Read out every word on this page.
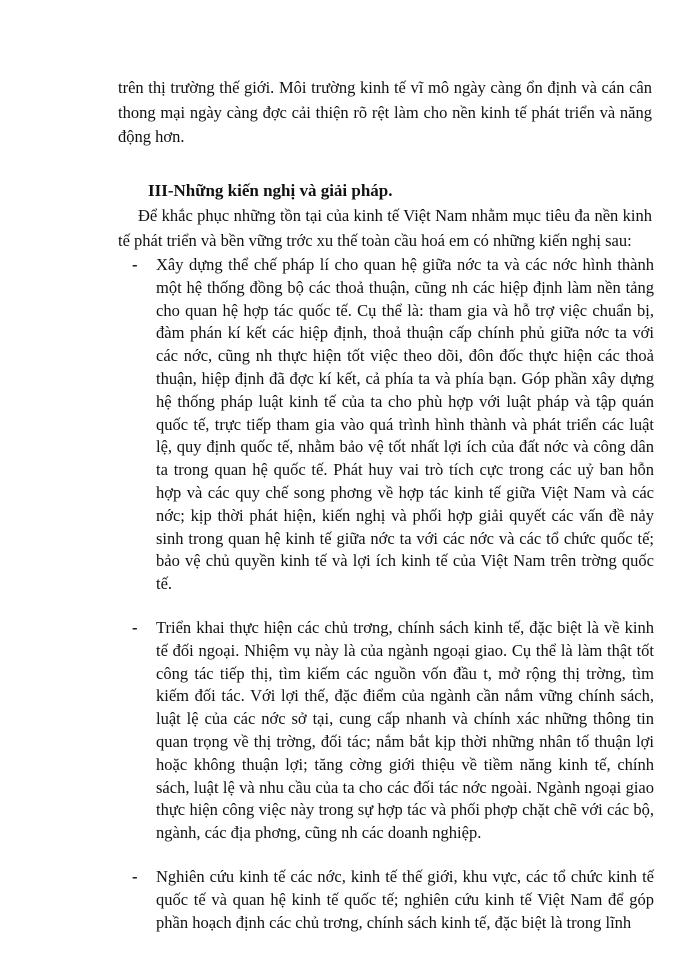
trên thị trường thế giới. Môi trường kinh tế vĩ mô ngày càng ổn định và cán cân thong mại ngày càng đợc cải thiện rõ rệt làm cho nền kinh tế phát triển và năng động hơn.

III-Những kiến nghị và giải pháp.

Để khắc phục những tồn tại của kinh tế Việt Nam nhằm mục tiêu đa nền kinh tế phát triển và bền vững trớc xu thế toàn cầu hoá em có những kiến nghị sau:

- Xây dựng thể chế pháp lí cho quan hệ giữa nớc ta và các nớc hình thành một hệ thống đồng bộ các thoả thuận, cũng nh các hiệp định làm nền tảng cho quan hệ hợp tác quốc tế. Cụ thể là: tham gia và hỗ trợ việc chuẩn bị, đàm phán kí kết các hiệp định, thoả thuận cấp chính phủ giữa nớc ta với các nớc, cũng nh thực hiện tốt việc theo dõi, đôn đốc thực hiện các thoả thuận, hiệp định đã đợc kí kết, cả phía ta và phía bạn. Góp phần xây dựng hệ thống pháp luật kinh tế của ta cho phù hợp với luật pháp và tập quán quốc tế, trực tiếp tham gia vào quá trình hình thành và phát triển các luật lệ, quy định quốc tế, nhằm bảo vệ tốt nhất lợi ích của đất nớc và công dân ta trong quan hệ quốc tế. Phát huy vai trò tích cực trong các uỷ ban hỗn hợp và các quy chế song phơng về hợp tác kinh tế giữa Việt Nam và các nớc; kịp thời phát hiện, kiến nghị và phối hợp giải quyết các vấn đề nảy sinh trong quan hệ kinh tế giữa nớc ta với các nớc và các tổ chức quốc tế; bảo vệ chủ quyền kinh tế và lợi ích kinh tế của Việt Nam trên trờng quốc tế.
- Triển khai thực hiện các chủ trơng, chính sách kinh tế, đặc biệt là về kinh tế đối ngoại. Nhiệm vụ này là của ngành ngoại giao. Cụ thể là làm thật tốt công tác tiếp thị, tìm kiếm các nguồn vốn đầu t, mở rộng thị trờng, tìm kiếm đối tác. Với lợi thế, đặc điểm của ngành cần nắm vững chính sách, luật lệ của các nớc sở tại, cung cấp nhanh và chính xác những thông tin quan trọng về thị trờng, đối tác; nắm bắt kịp thời những nhân tố thuận lợi hoặc không thuận lợi; tăng cờng giới thiệu về tiềm năng kinh tế, chính sách, luật lệ và nhu cầu của ta cho các đối tác nớc ngoài. Ngành ngoại giao thực hiện công việc này trong sự hợp tác và phối phợp chặt chẽ với các bộ, ngành, các địa phơng, cũng nh các doanh nghiệp.
- Nghiên cứu kinh tế các nớc, kinh tế thế giới, khu vực, các tổ chức kinh tế quốc tế và quan hệ kinh tế quốc tế; nghiên cứu kinh tế Việt Nam để góp phần hoạch định các chủ trơng, chính sách kinh tế, đặc biệt là trong lĩnh
